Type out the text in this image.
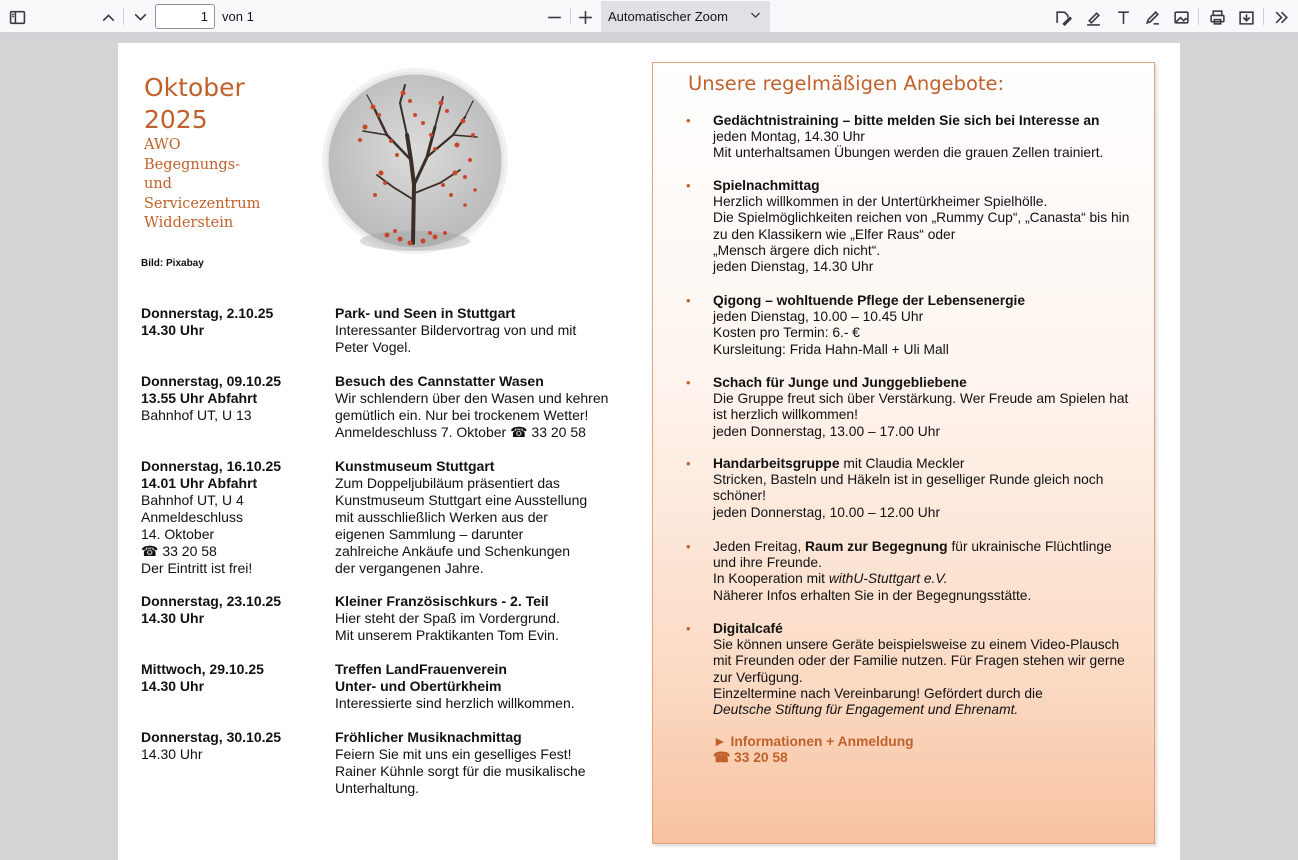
1
von 1	Automatischer Zoom
Oktober
2025
AWO
Begegnungs-
und
Servicezentrum
Widderstein
Bild: Pixabay
Donnerstag, 2.10.25
14.30 Uhr
Park- und Seen in Stuttgart
Interessanter Bildervortrag von und mit
Peter Vogel.
Donnerstag, 09.10.25
13.55 Uhr Abfahrt
Bahnhof UT, U 13
Besuch des Cannstatter Wasen
Wir schlendern über den Wasen und kehren
gemütlich ein. Nur bei trockenem Wetter!
Anmeldeschluss 7. Oktober ☎ 33 20 58
Donnerstag, 16.10.25
14.01 Uhr Abfahrt
Bahnhof UT, U 4
Anmeldeschluss
14. Oktober
☎ 33 20 58
Der Eintritt ist frei!
Kunstmuseum Stuttgart
Zum Doppeljubiläum präsentiert das
Kunstmuseum Stuttgart eine Ausstellung
mit ausschließlich Werken aus der
eigenen Sammlung – darunter
zahlreiche Ankäufe und Schenkungen
der vergangenen Jahre.
Donnerstag, 23.10.25
14.30 Uhr
Kleiner Französischkurs - 2. Teil
Hier steht der Spaß im Vordergrund.
Mit unserem Praktikanten Tom Evin.
Mittwoch, 29.10.25
14.30 Uhr
Treffen LandFrauenverein
Unter- und Obertürkheim
Interessierte sind herzlich willkommen.
Donnerstag, 30.10.25
14.30 Uhr
Fröhlicher Musiknachmittag
Feiern Sie mit uns ein geselliges Fest!
Rainer Kühnle sorgt für die musikalische
Unterhaltung.
Unsere regelmäßigen Angebote:
• Gedächtnistraining – bitte melden Sie sich bei Interesse an
jeden Montag, 14.30 Uhr
Mit unterhaltsamen Übungen werden die grauen Zellen trainiert.
• Spielnachmittag
Herzlich willkommen in der Untertürkheimer Spielhölle.
Die Spielmöglichkeiten reichen von „Rummy Cup“, „Canasta“ bis hin
zu den Klassikern wie „Elfer Raus“ oder
„Mensch ärgere dich nicht“.
jeden Dienstag, 14.30 Uhr
• Qigong – wohltuende Pflege der Lebensenergie
jeden Dienstag, 10.00 – 10.45 Uhr
Kosten pro Termin: 6.- €
Kursleitung: Frida Hahn-Mall + Uli Mall
• Schach für Junge und Junggebliebene
Die Gruppe freut sich über Verstärkung. Wer Freude am Spielen hat
ist herzlich willkommen!
jeden Donnerstag, 13.00 – 17.00 Uhr
• Handarbeitsgruppe mit Claudia Meckler
Stricken, Basteln und Häkeln ist in geselliger Runde gleich noch
schöner!
jeden Donnerstag, 10.00 – 12.00 Uhr
• Jeden Freitag, Raum zur Begegnung für ukrainische Flüchtlinge
und ihre Freunde.
In Kooperation mit withU-Stuttgart e.V.
Näherer Infos erhalten Sie in der Begegnungsstätte.
• Digitalcafé
Sie können unsere Geräte beispielsweise zu einem Video-Plausch
mit Freunden oder der Familie nutzen. Für Fragen stehen wir gerne
zur Verfügung.
Einzeltermine nach Vereinbarung! Gefördert durch die
Deutsche Stiftung für Engagement und Ehrenamt.
► Informationen + Anmeldung
☎ 33 20 58
